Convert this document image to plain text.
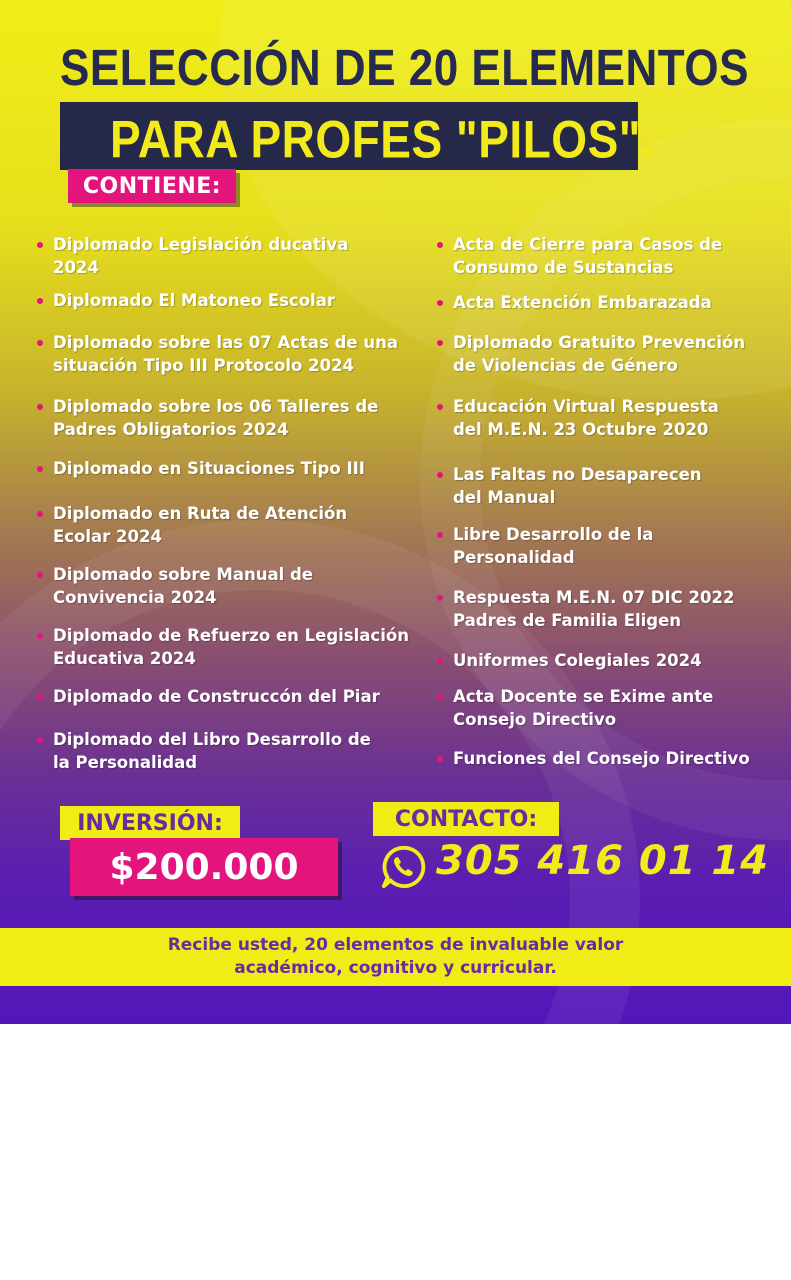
SELECCIÓN DE 20 ELEMENTOS
PARA PROFES "PILOS".
CONTIENE:
Diplomado Legislación ducativa
2024
Diplomado El Matoneo Escolar
Diplomado sobre las 07 Actas de una
situación Tipo III Protocolo 2024
Diplomado sobre los 06 Talleres de
Padres Obligatorios 2024
Diplomado en Situaciones Tipo III
Diplomado en Ruta de Atención
Ecolar 2024
Diplomado sobre Manual de
Convivencia 2024
Diplomado de Refuerzo en Legislación
Educativa 2024
Diplomado de Construccón del Piar
Diplomado del Libro Desarrollo de
la Personalidad
Acta de Cierre para Casos de
Consumo de Sustancias
Acta Extención Embarazada
Diplomado Gratuito Prevención
de Violencias de Género
Educación Virtual Respuesta
del M.E.N. 23 Octubre 2020
Las Faltas no Desaparecen
del Manual
Libre Desarrollo de la
Personalidad
Respuesta M.E.N. 07 DIC 2022
Padres de Familia Eligen
Uniformes Colegiales 2024
Acta Docente se Exime ante
Consejo Directivo
Funciones del Consejo Directivo
INVERSIÓN:
$200.000
CONTACTO:
305 416 01 14
Recibe usted, 20 elementos de invaluable valor
académico, cognitivo y curricular.
